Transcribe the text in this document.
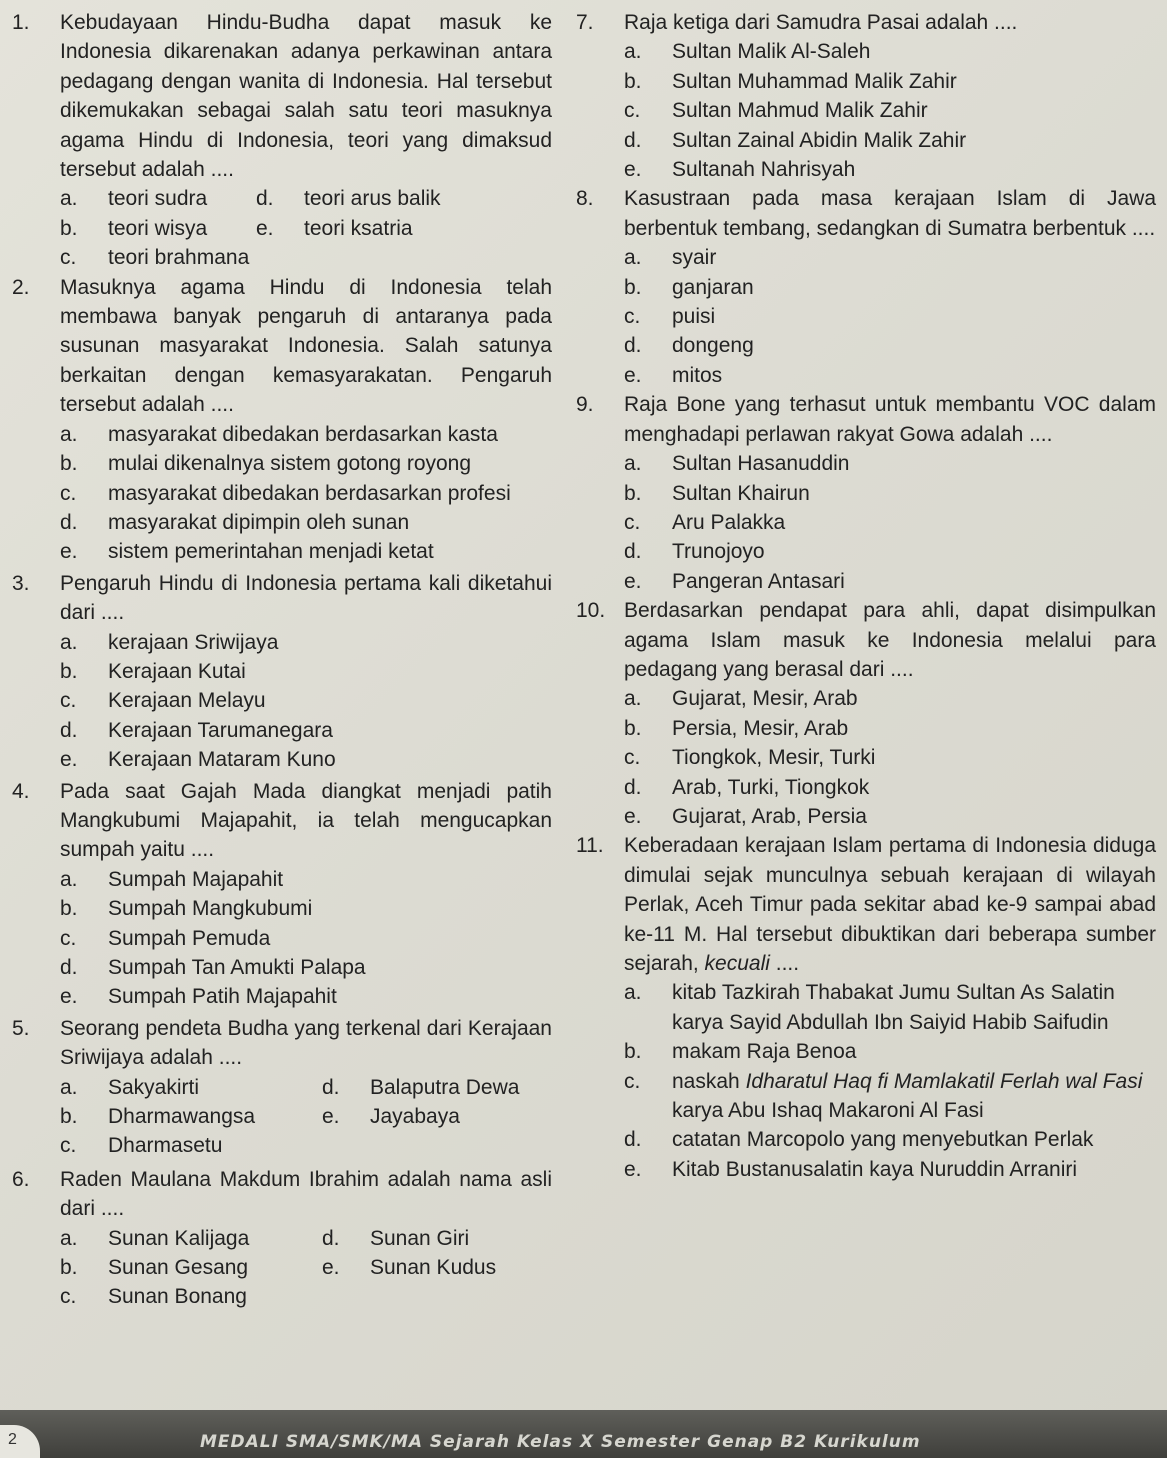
1.	Kebudayaan Hindu-Budha dapat masuk ke Indonesia dikarenakan adanya perkawinan antara pedagang dengan wanita di Indonesia. Hal tersebut dikemukakan sebagai salah satu teori masuknya agama Hindu di Indonesia, teori yang dimaksud tersebut adalah ....
a.	teori sudra d.	teori arus balik
b.	teori wisya e.	teori ksatria
c.	teori brahmana
2.	Masuknya agama Hindu di Indonesia telah membawa banyak pengaruh di antaranya pada susunan masyarakat Indonesia. Salah satunya berkaitan dengan kemasyarakatan. Pengaruh tersebut adalah ....
a.	masyarakat dibedakan berdasarkan kasta
b.	mulai dikenalnya sistem gotong royong
c.	masyarakat dibedakan berdasarkan profesi
d.	masyarakat dipimpin oleh sunan
e.	sistem pemerintahan menjadi ketat
3.	Pengaruh Hindu di Indonesia pertama kali diketahui dari ....
a.	kerajaan Sriwijaya
b.	Kerajaan Kutai
c.	Kerajaan Melayu
d.	Kerajaan Tarumanegara
e.	Kerajaan Mataram Kuno
4.	Pada saat Gajah Mada diangkat menjadi patih Mangkubumi Majapahit, ia telah mengucapkan sumpah yaitu ....
a.	Sumpah Majapahit
b.	Sumpah Mangkubumi
c.	Sumpah Pemuda
d.	Sumpah Tan Amukti Palapa
e.	Sumpah Patih Majapahit
5.	Seorang pendeta Budha yang terkenal dari Kerajaan Sriwijaya adalah ....
a.	Sakyakirti	d.	Balaputra Dewa
b.	Dharmawangsa	e.	Jayabaya
c.	Dharmasetu
6.	Raden Maulana Makdum Ibrahim adalah nama asli dari ....
a.	Sunan Kalijaga	d.	Sunan Giri
b.	Sunan Gesang	e.	Sunan Kudus
c.	Sunan Bonang
7.	Raja ketiga dari Samudra Pasai adalah ....
a.	Sultan Malik Al-Saleh
b.	Sultan Muhammad Malik Zahir
c.	Sultan Mahmud Malik Zahir
d.	Sultan Zainal Abidin Malik Zahir
e.	Sultanah Nahrisyah
8.	Kasustraan pada masa kerajaan Islam di Jawa berbentuk tembang, sedangkan di Sumatra berbentuk ....
a.	syair
b.	ganjaran
c.	puisi
d.	dongeng
e.	mitos
9.	Raja Bone yang terhasut untuk membantu VOC dalam menghadapi perlawan rakyat Gowa adalah ....
a.	Sultan Hasanuddin
b.	Sultan Khairun
c.	Aru Palakka
d.	Trunojoyo
e.	Pangeran Antasari
10. Berdasarkan pendapat para ahli, dapat disimpulkan agama Islam masuk ke Indonesia melalui para pedagang yang berasal dari ....
a.	Gujarat, Mesir, Arab
b.	Persia, Mesir, Arab
c.	Tiongkok, Mesir, Turki
d.	Arab, Turki, Tiongkok
e.	Gujarat, Arab, Persia
11. Keberadaan kerajaan Islam pertama di Indonesia diduga dimulai sejak munculnya sebuah kerajaan di wilayah Perlak, Aceh Timur pada sekitar abad ke-9 sampai abad ke-11 M. Hal tersebut dibuktikan dari beberapa sumber sejarah, kecuali ....
a.	kitab Tazkirah Thabakat Jumu Sultan As Salatin karya Sayid Abdullah Ibn Saiyid Habib Saifudin
b.	makam Raja Benoa
c.	naskah Idharatul Haq fi Mamlakatil Ferlah wal Fasi karya Abu Ishaq Makaroni Al Fasi
d.	catatan Marcopolo yang menyebutkan Perlak
e.	Kitab Bustanusalatin kaya Nuruddin Arraniri
MEDALI SMA/SMK/MA Sejarah Kelas X Semester Genap B2 Kurikulum
2
